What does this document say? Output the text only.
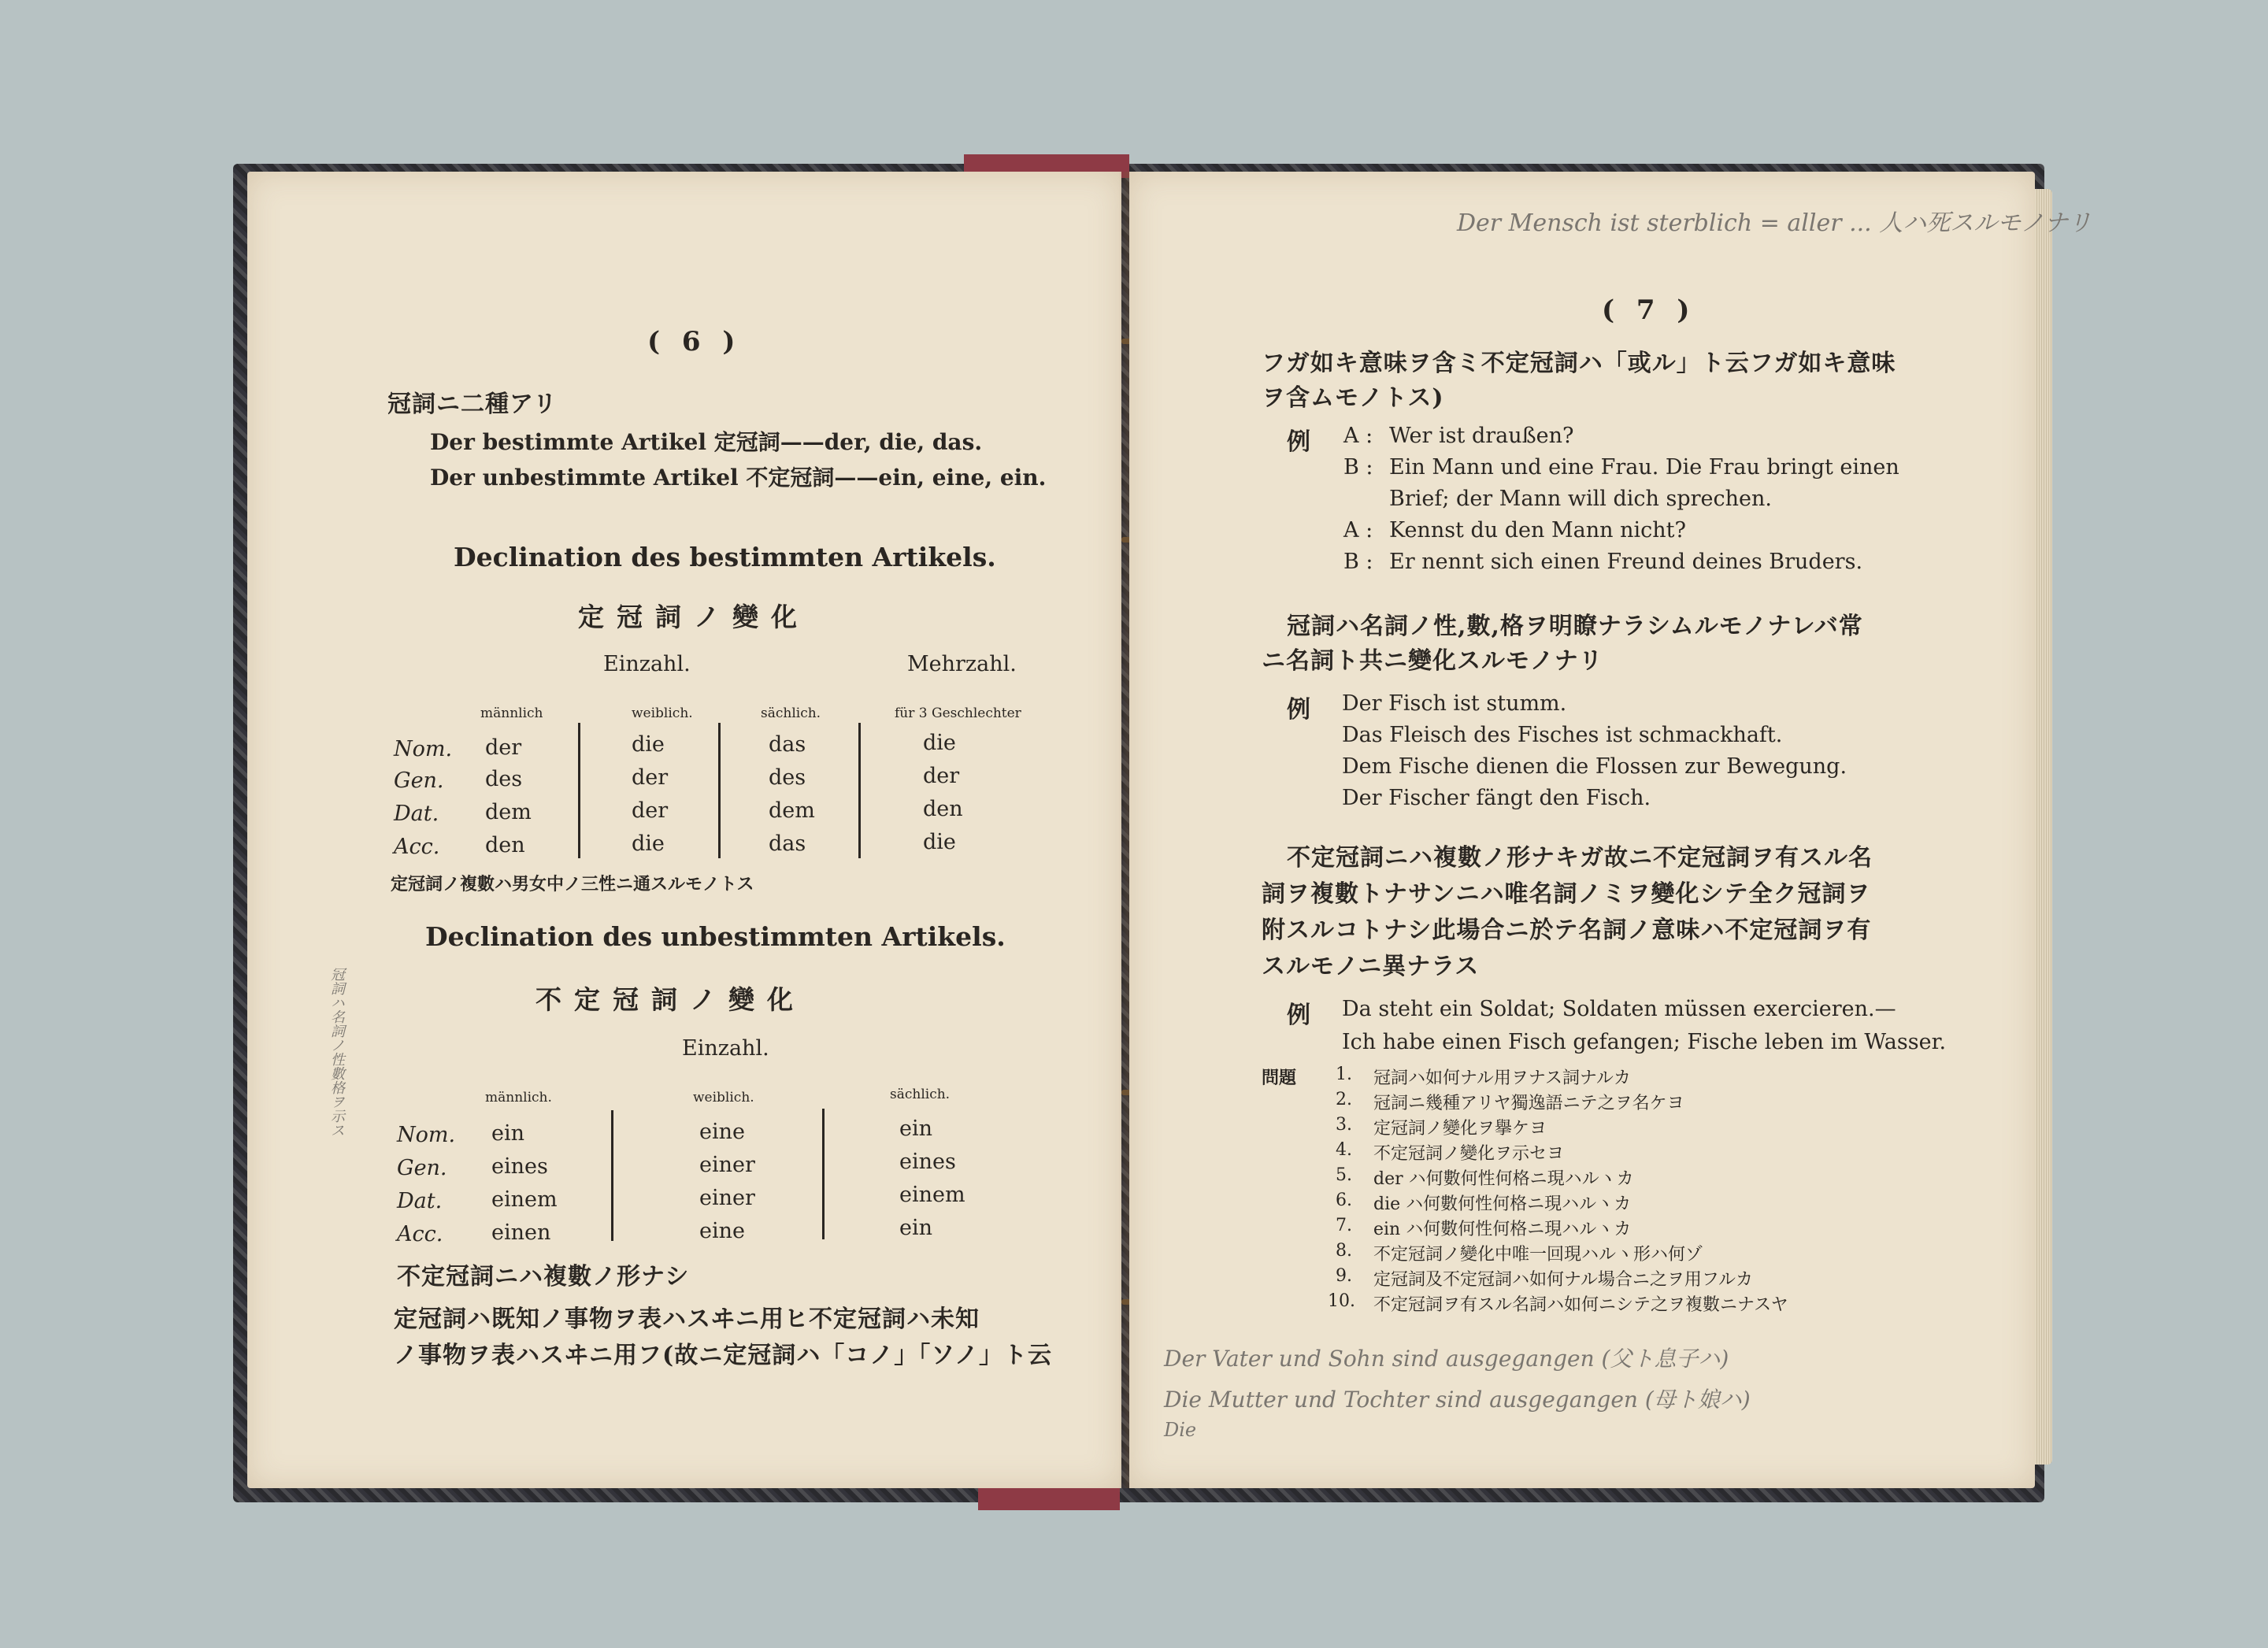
( 6 )
冠詞ニ二種アリ
Der bestimmte Artikel 定冠詞——der, die, das.
Der unbestimmte Artikel 不定冠詞——ein, eine, ein.
Declination des bestimmten Artikels.
定冠詞ノ變化
Einzahl.	Mehrzahl.
männlich	weiblich.	sächlich.	für 3 Geschlechter
Nom. der	die	das	die
Gen. des	der	des	der
Dat. dem	der	dem	den
Acc. den	die	das	die
定冠詞ノ複數ハ男女中ノ三性ニ通スルモノトス
Declination des unbestimmten Artikels.
不定冠詞ノ變化
Einzahl.
männlich.	weiblich.	sächlich.
Nom. ein	eine	ein
Gen. eines	einer	eines
Dat. einem	einer	einem
Acc. einen	eine	ein
不定冠詞ニハ複數ノ形ナシ
定冠詞ハ既知ノ事物ヲ表ハスヰニ用ヒ不定冠詞ハ未知
ノ事物ヲ表ハスヰニ用フ(故ニ定冠詞ハ「コノ」「ソノ」ト云
冠詞ハ名詞ノ性數格ヲ示ス
Der Mensch ist sterblich = aller ... 人ハ死スルモノナリ
( 7 )
フガ如キ意味ヲ含ミ不定冠詞ハ「或ル」ト云フガ如キ意味
ヲ含ムモノトス)
例 A : Wer ist draußen?
B : Ein Mann und eine Frau. Die Frau bringt einen
Brief; der Mann will dich sprechen.
A : Kennst du den Mann nicht?
B : Er nennt sich einen Freund deines Bruders.
冠詞ハ名詞ノ性,數,格ヲ明瞭ナラシムルモノナレバ常
ニ名詞ト共ニ變化スルモノナリ
例 Der Fisch ist stumm.
Das Fleisch des Fisches ist schmackhaft.
Dem Fische dienen die Flossen zur Bewegung.
Der Fischer fängt den Fisch.
不定冠詞ニハ複數ノ形ナキガ故ニ不定冠詞ヲ有スル名
詞ヲ複數トナサンニハ唯名詞ノミヲ變化シテ全ク冠詞ヲ
附スルコトナシ此場合ニ於テ名詞ノ意味ハ不定冠詞ヲ有
スルモノニ異ナラス
例 Da steht ein Soldat; Soldaten müssen exercieren.—
Ich habe einen Fisch gefangen; Fische leben im Wasser.
問題 1. 冠詞ハ如何ナル用ヲナス詞ナルカ
2. 冠詞ニ幾種アリヤ獨逸語ニテ之ヲ名ケヨ
3. 定冠詞ノ變化ヲ擧ケヨ
4. 不定冠詞ノ變化ヲ示セヨ
5. der ハ何數何性何格ニ現ハルヽカ
6. die ハ何數何性何格ニ現ハルヽカ
7. ein ハ何數何性何格ニ現ハルヽカ
8. 不定冠詞ノ變化中唯一回現ハルヽ形ハ何ゾ
9. 定冠詞及不定冠詞ハ如何ナル場合ニ之ヲ用フルカ
10. 不定冠詞ヲ有スル名詞ハ如何ニシテ之ヲ複數ニナスヤ
Der Vater und Sohn sind ausgegangen (父ト息子ハ)
Die Mutter und Tochter sind ausgegangen (母ト娘ハ)
Die
